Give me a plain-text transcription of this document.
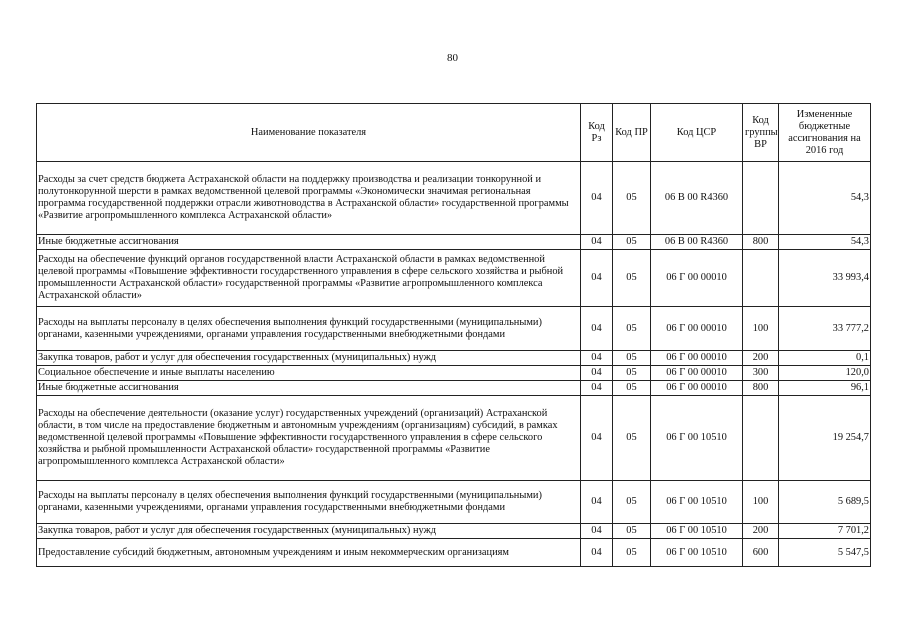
80
Наименование показателя	Код Рз	Код ПР	Код ЦСР	Код группы ВР	Измененные бюджетные ассигнования на 2016 год
Расходы за счет средств бюджета Астраханской области на поддержку производства и реализации тонкорунной и полутонкорунной шерсти в рамках ведомственной целевой программы «Экономически значимая региональная программа государственной поддержки отрасли животноводства в Астраханской области» государственной программы «Развитие агропромышленного комплекса Астраханской области»	04	05	06 В 00 R4360		54,3
Иные бюджетные ассигнования	04	05	06 В 00 R4360	800	54,3
Расходы на обеспечение функций органов государственной власти Астраханской области в рамках ведомственной целевой программы «Повышение эффективности государственного управления в сфере сельского хозяйства и рыбной промышленности Астраханской области» государственной программы «Развитие агропромышленного комплекса Астраханской области»	04	05	06 Г 00 00010		33 993,4
Расходы на выплаты персоналу в целях обеспечения выполнения функций государственными (муниципальными) органами, казенными учреждениями, органами управления государственными внебюджетными фондами	04	05	06 Г 00 00010	100	33 777,2
Закупка товаров, работ и услуг для обеспечения государственных (муниципальных) нужд	04	05	06 Г 00 00010	200	0,1
Социальное обеспечение и иные выплаты населению	04	05	06 Г 00 00010	300	120,0
Иные бюджетные ассигнования	04	05	06 Г 00 00010	800	96,1
Расходы на обеспечение деятельности (оказание услуг) государственных учреждений (организаций) Астраханской области, в том числе на предоставление бюджетным и автономным учреждениям (организациям) субсидий, в рамках ведомственной целевой программы «Повышение эффективности государственного управления в сфере сельского хозяйства и рыбной промышленности Астраханской области» государственной программы «Развитие агропромышленного комплекса Астраханской области»	04	05	06 Г 00 10510		19 254,7
Расходы на выплаты персоналу в целях обеспечения выполнения функций государственными (муниципальными) органами, казенными учреждениями, органами управления государственными внебюджетными фондами	04	05	06 Г 00 10510	100	5 689,5
Закупка товаров, работ и услуг для обеспечения государственных (муниципальных) нужд	04	05	06 Г 00 10510	200	7 701,2
Предоставление субсидий бюджетным, автономным учреждениям и иным некоммерческим организациям	04	05	06 Г 00 10510	600	5 547,5
